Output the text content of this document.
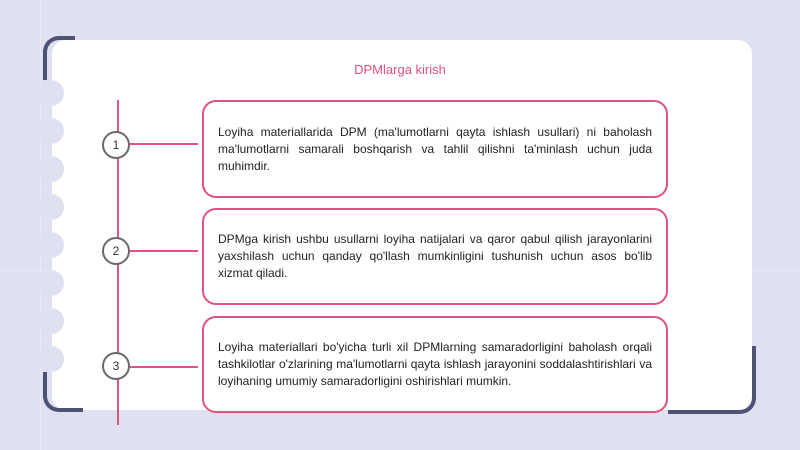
DPMlarga kirish
1

Loyiha materiallarida DPM (ma'lumotlarni qayta ishlash usullari) ni baholash ma'lumotlarni samarali boshqarish va tahlil qilishni ta'minlash uchun juda muhimdir.

2

DPMga kirish ushbu usullarni loyiha natijalari va qaror qabul qilish jarayonlarini yaxshilash uchun qanday qo'llash mumkinligini tushunish uchun asos bo'lib xizmat qiladi.

3

Loyiha materiallari bo'yicha turli xil DPMlarning samaradorligini baholash orqali tashkilotlar o'zlarining ma'lumotlarni qayta ishlash jarayonini soddalashtirishlari va loyihaning umumiy samaradorligini oshirishlari mumkin.
